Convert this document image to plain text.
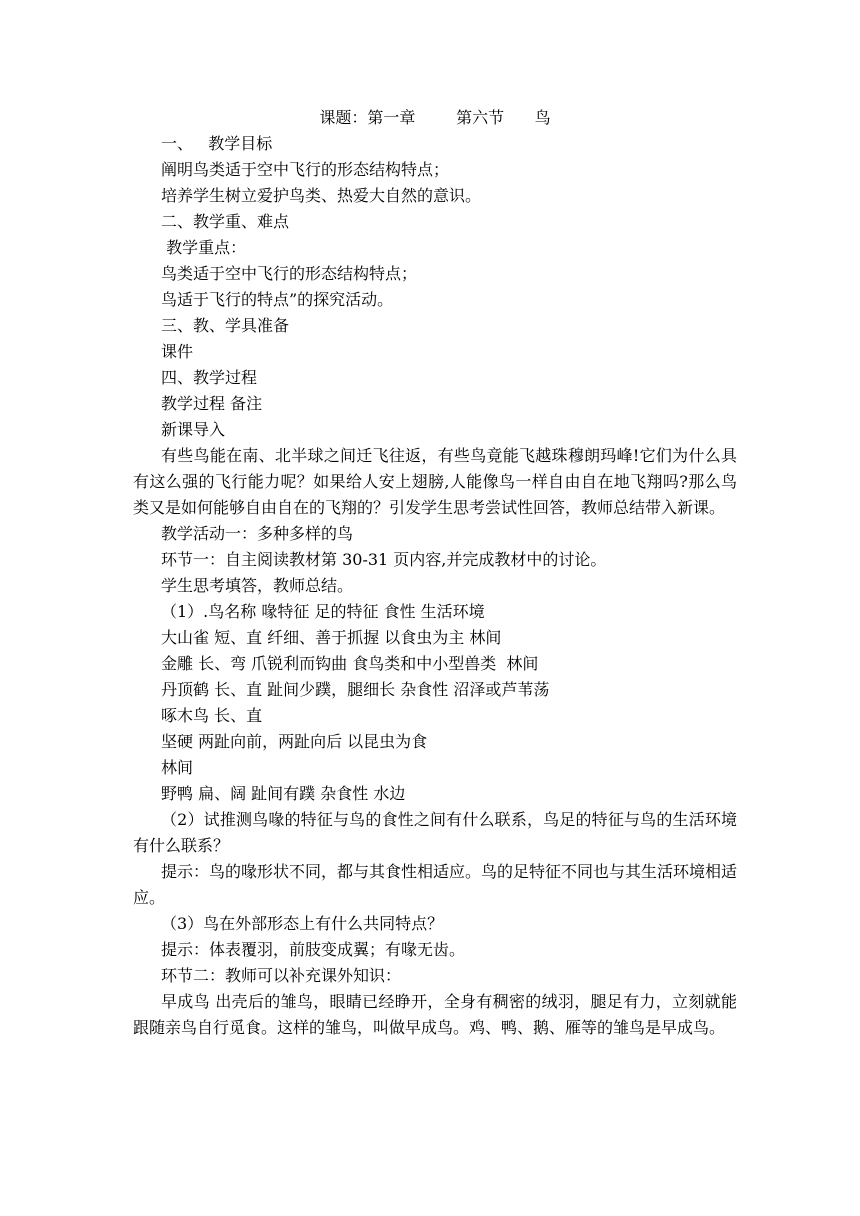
课题：第一章        第六节      鸟
一、   教学目标
阐明鸟类适于空中飞行的形态结构特点；
培养学生树立爱护鸟类、热爱大自然的意识。
二、教学重、难点
教学重点：
鸟类适于空中飞行的形态结构特点；
鸟适于飞行的特点”的探究活动。
三、教、学具准备
课件
四、教学过程
教学过程 备注
新课导入
有些鸟能在南、北半球之间迁飞往返，有些鸟竟能飞越珠穆朗玛峰!它们为什么具有这么强的飞行能力呢？如果给人安上翅膀,人能像鸟一样自由自在地飞翔吗?那么鸟类又是如何能够自由自在的飞翔的？引发学生思考尝试性回答，教师总结带入新课。
教学活动一：多种多样的鸟
环节一：自主阅读教材第 30-31 页内容,并完成教材中的讨论。
学生思考填答，教师总结。
（1）.鸟名称 喙特征 足的特征 食性 生活环境
大山雀 短、直 纤细、善于抓握 以食虫为主 林间
金雕 长、弯 爪锐利而钩曲 食鸟类和中小型兽类  林间
丹顶鹤 长、直 趾间少蹼，腿细长 杂食性 沼泽或芦苇荡
啄木鸟 长、直
坚硬 两趾向前，两趾向后 以昆虫为食
林间
野鸭 扁、阔 趾间有蹼 杂食性 水边
（2）试推测鸟喙的特征与鸟的食性之间有什么联系，鸟足的特征与鸟的生活环境有什么联系？
提示：鸟的喙形状不同，都与其食性相适应。鸟的足特征不同也与其生活环境相适应。
（3）鸟在外部形态上有什么共同特点？
提示：体表覆羽，前肢变成翼；有喙无齿。
环节二：教师可以补充课外知识：
早成鸟 出壳后的雏鸟，眼睛已经睁开，全身有稠密的绒羽，腿足有力，立刻就能跟随亲鸟自行觅食。这样的雏鸟，叫做早成鸟。鸡、鸭、鹅、雁等的雏鸟是早成鸟。
